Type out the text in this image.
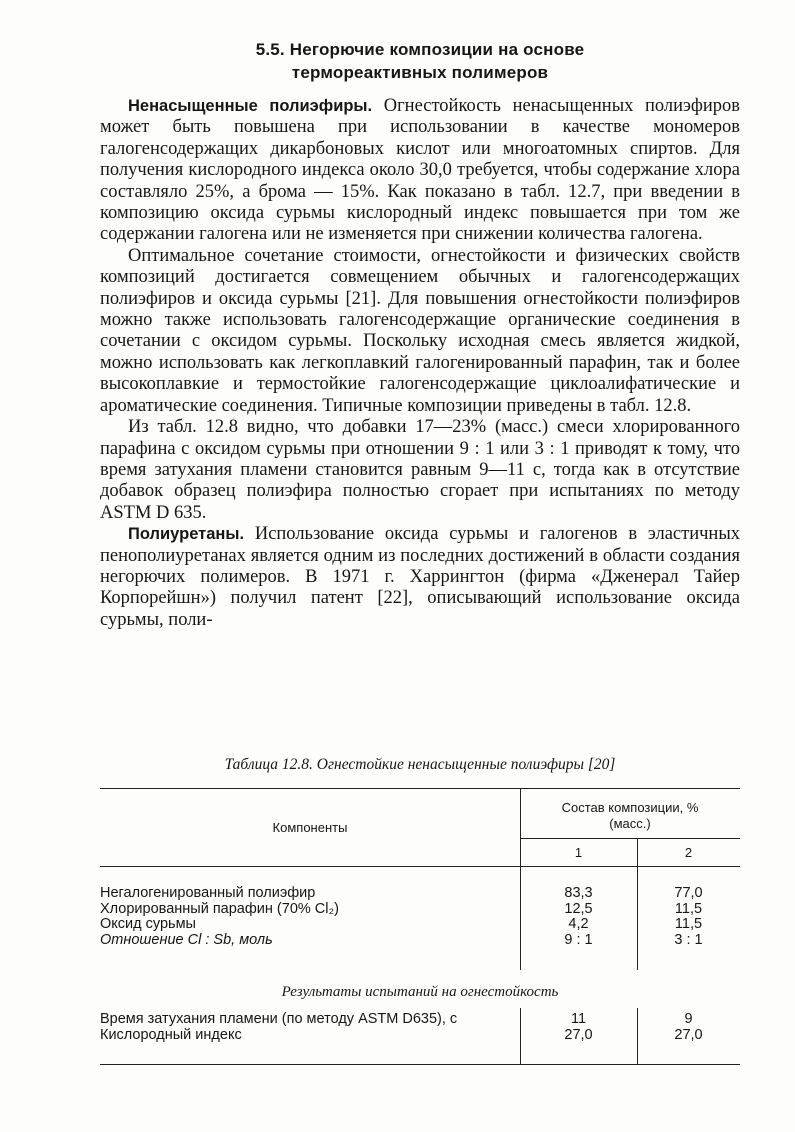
5.5. Негорючие композиции на основе
термореактивных полимеров

Ненасыщенные полиэфиры. Огнестойкость ненасыщенных полиэфиров может быть повышена при использовании в качестве мономеров галогенсодержащих дикарбоновых кислот или многоатомных спиртов. Для получения кислородного индекса около 30,0 требуется, чтобы содержание хлора составляло 25%, а брома — 15%. Как показано в табл. 12.7, при введении в композицию оксида сурьмы кислородный индекс повышается при том же содержании галогена или не изменяется при снижении количества галогена.

Оптимальное сочетание стоимости, огнестойкости и физических свойств композиций достигается совмещением обычных и галогенсодержащих полиэфиров и оксида сурьмы [21]. Для повышения огнестойкости полиэфиров можно также использовать галогенсодержащие органические соединения в сочетании с оксидом сурьмы. Поскольку исходная смесь является жидкой, можно использовать как легкоплавкий галогенированный парафин, так и более высокоплавкие и термостойкие галогенсодержащие циклоалифатические и ароматические соединения. Типичные композиции приведены в табл. 12.8.

Из табл. 12.8 видно, что добавки 17—23% (масс.) смеси хлорированного парафина с оксидом сурьмы при отношении 9 : 1 или 3 : 1 приводят к тому, что время затухания пламени становится равным 9—11 с, тогда как в отсутствие добавок образец полиэфира полностью сгорает при испытаниях по методу ASTM D 635.

Полиуретаны. Использование оксида сурьмы и галогенов в эластичных пенополиуретанах является одним из последних достижений в области создания негорючих полимеров. В 1971 г. Харрингтон (фирма «Дженерал Тайер Корпорейшн») получил патент [22], описывающий использование оксида сурьмы, поли-

Таблица 12.8. Огнестойкие ненасыщенные полиэфиры [20]
Компоненты
Состав композиции, %
(масс.)
1	2
Негалогенированный полиэфир
Хлорированный парафин (70% Cl₂)
Оксид сурьмы
Отношение Cl : Sb, моль
83,3
12,5
4,2
9 : 1
77,0
11,5
11,5
3 : 1
Результаты испытаний на огнестойкость
Время затухания пламени (по методу ASTM D635), с
Кислородный индекс
11
27,0
9
27,0
